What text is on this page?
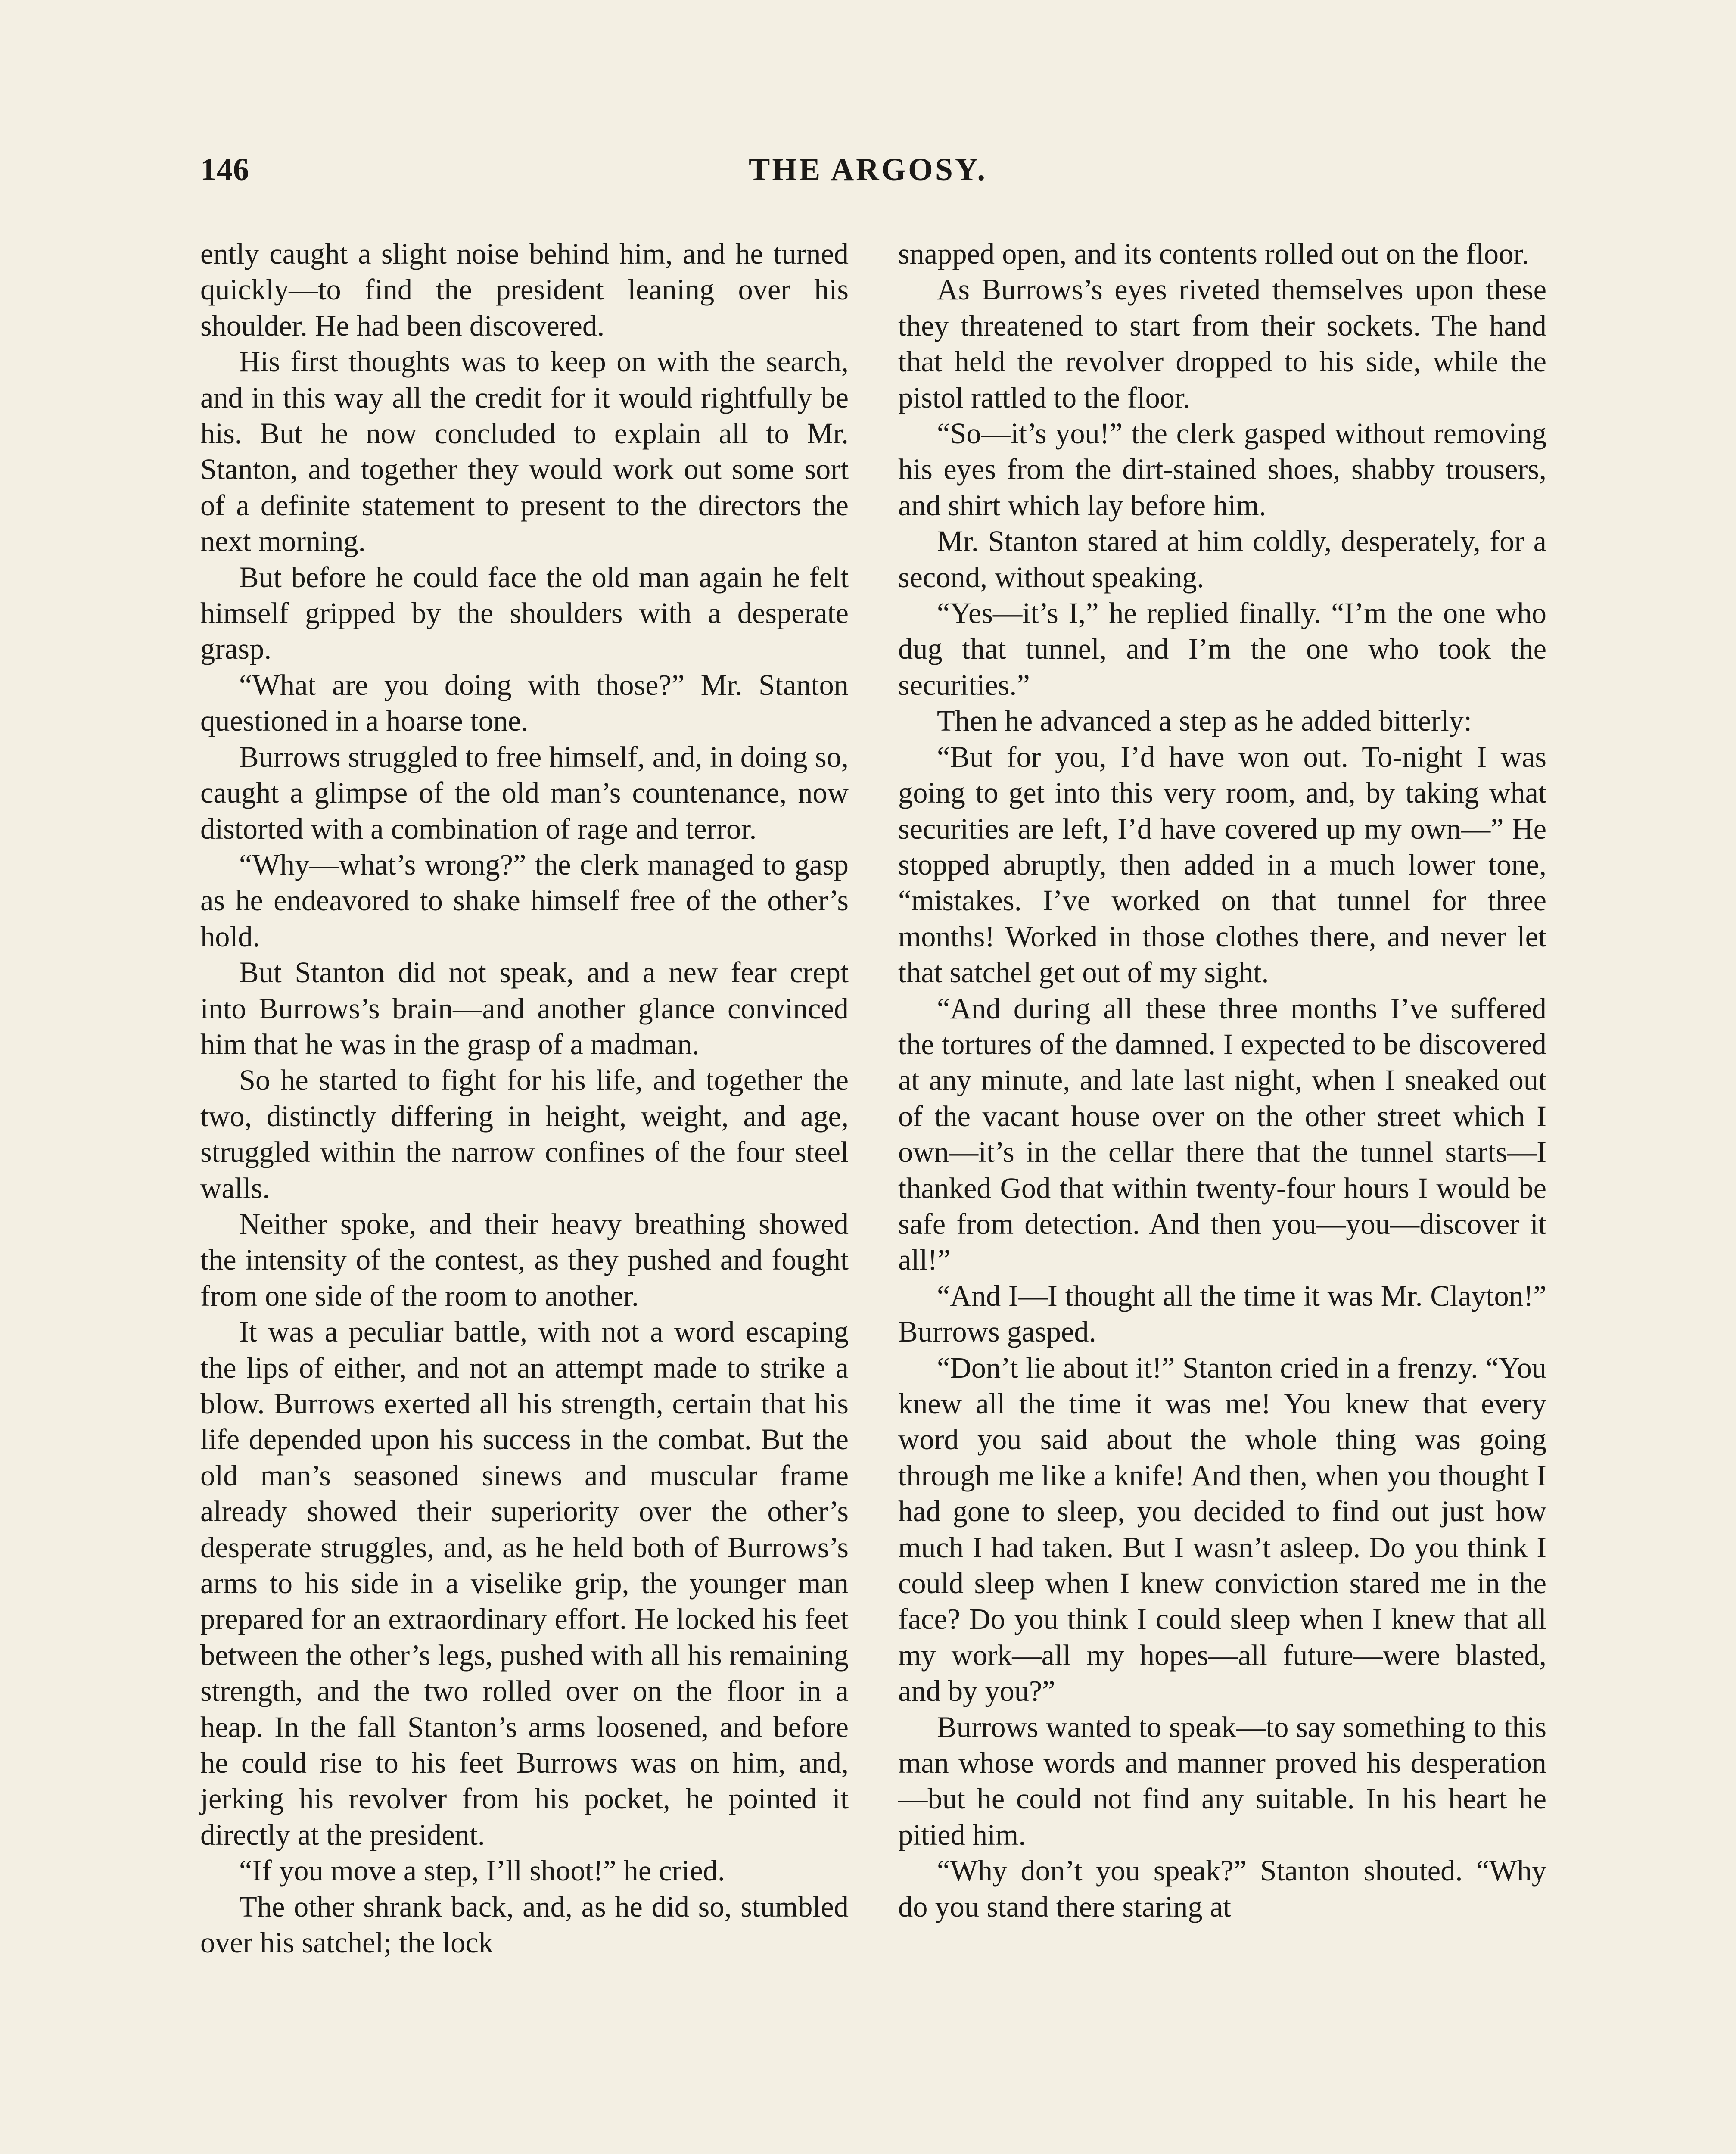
146	THE ARGOSY.

ently caught a slight noise behind him, and he turned quickly—to find the president leaning over his shoulder. He had been discovered.

His first thoughts was to keep on with the search, and in this way all the credit for it would rightfully be his. But he now concluded to explain all to Mr. Stanton, and together they would work out some sort of a definite statement to present to the directors the next morning.

But before he could face the old man again he felt himself gripped by the shoulders with a desperate grasp.

“What are you doing with those?” Mr. Stanton questioned in a hoarse tone.

Burrows struggled to free himself, and, in doing so, caught a glimpse of the old man’s countenance, now distorted with a combination of rage and terror.

“Why—what’s wrong?” the clerk managed to gasp as he endeavored to shake himself free of the other’s hold.

But Stanton did not speak, and a new fear crept into Burrows’s brain—and another glance convinced him that he was in the grasp of a madman.

So he started to fight for his life, and together the two, distinctly differing in height, weight, and age, struggled within the narrow confines of the four steel walls.

Neither spoke, and their heavy breathing showed the intensity of the contest, as they pushed and fought from one side of the room to another.

It was a peculiar battle, with not a word escaping the lips of either, and not an attempt made to strike a blow. Burrows exerted all his strength, certain that his life depended upon his success in the combat. But the old man’s seasoned sinews and muscular frame already showed their superiority over the other’s desperate struggles, and, as he held both of Burrows’s arms to his side in a viselike grip, the younger man prepared for an extraordinary effort. He locked his feet between the other’s legs, pushed with all his remaining strength, and the two rolled over on the floor in a heap. In the fall Stanton’s arms loosened, and before he could rise to his feet Burrows was on him, and, jerking his revolver from his pocket, he pointed it directly at the president.

“If you move a step, I’ll shoot!” he cried.

The other shrank back, and, as he did so, stumbled over his satchel; the lock

snapped open, and its contents rolled out on the floor.

As Burrows’s eyes riveted themselves upon these they threatened to start from their sockets. The hand that held the revolver dropped to his side, while the pistol rattled to the floor.

“So—it’s you!” the clerk gasped without removing his eyes from the dirt-stained shoes, shabby trousers, and shirt which lay before him.

Mr. Stanton stared at him coldly, desperately, for a second, without speaking.

“Yes—it’s I,” he replied finally. “I’m the one who dug that tunnel, and I’m the one who took the securities.”

Then he advanced a step as he added bitterly:

“But for you, I’d have won out. To-night I was going to get into this very room, and, by taking what securities are left, I’d have covered up my own—” He stopped abruptly, then added in a much lower tone, “mistakes. I’ve worked on that tunnel for three months! Worked in those clothes there, and never let that satchel get out of my sight.

“And during all these three months I’ve suffered the tortures of the damned. I expected to be discovered at any minute, and late last night, when I sneaked out of the vacant house over on the other street which I own—it’s in the cellar there that the tunnel starts—I thanked God that within twenty-four hours I would be safe from detection. And then you—you—discover it all!”

“And I—I thought all the time it was Mr. Clayton!” Burrows gasped.

“Don’t lie about it!” Stanton cried in a frenzy. “You knew all the time it was me! You knew that every word you said about the whole thing was going through me like a knife! And then, when you thought I had gone to sleep, you decided to find out just how much I had taken. But I wasn’t asleep. Do you think I could sleep when I knew conviction stared me in the face? Do you think I could sleep when I knew that all my work—all my hopes—all future—were blasted, and by you?”

Burrows wanted to speak—to say something to this man whose words and manner proved his desperation—but he could not find any suitable. In his heart he pitied him.

“Why don’t you speak?” Stanton shouted. “Why do you stand there staring at
